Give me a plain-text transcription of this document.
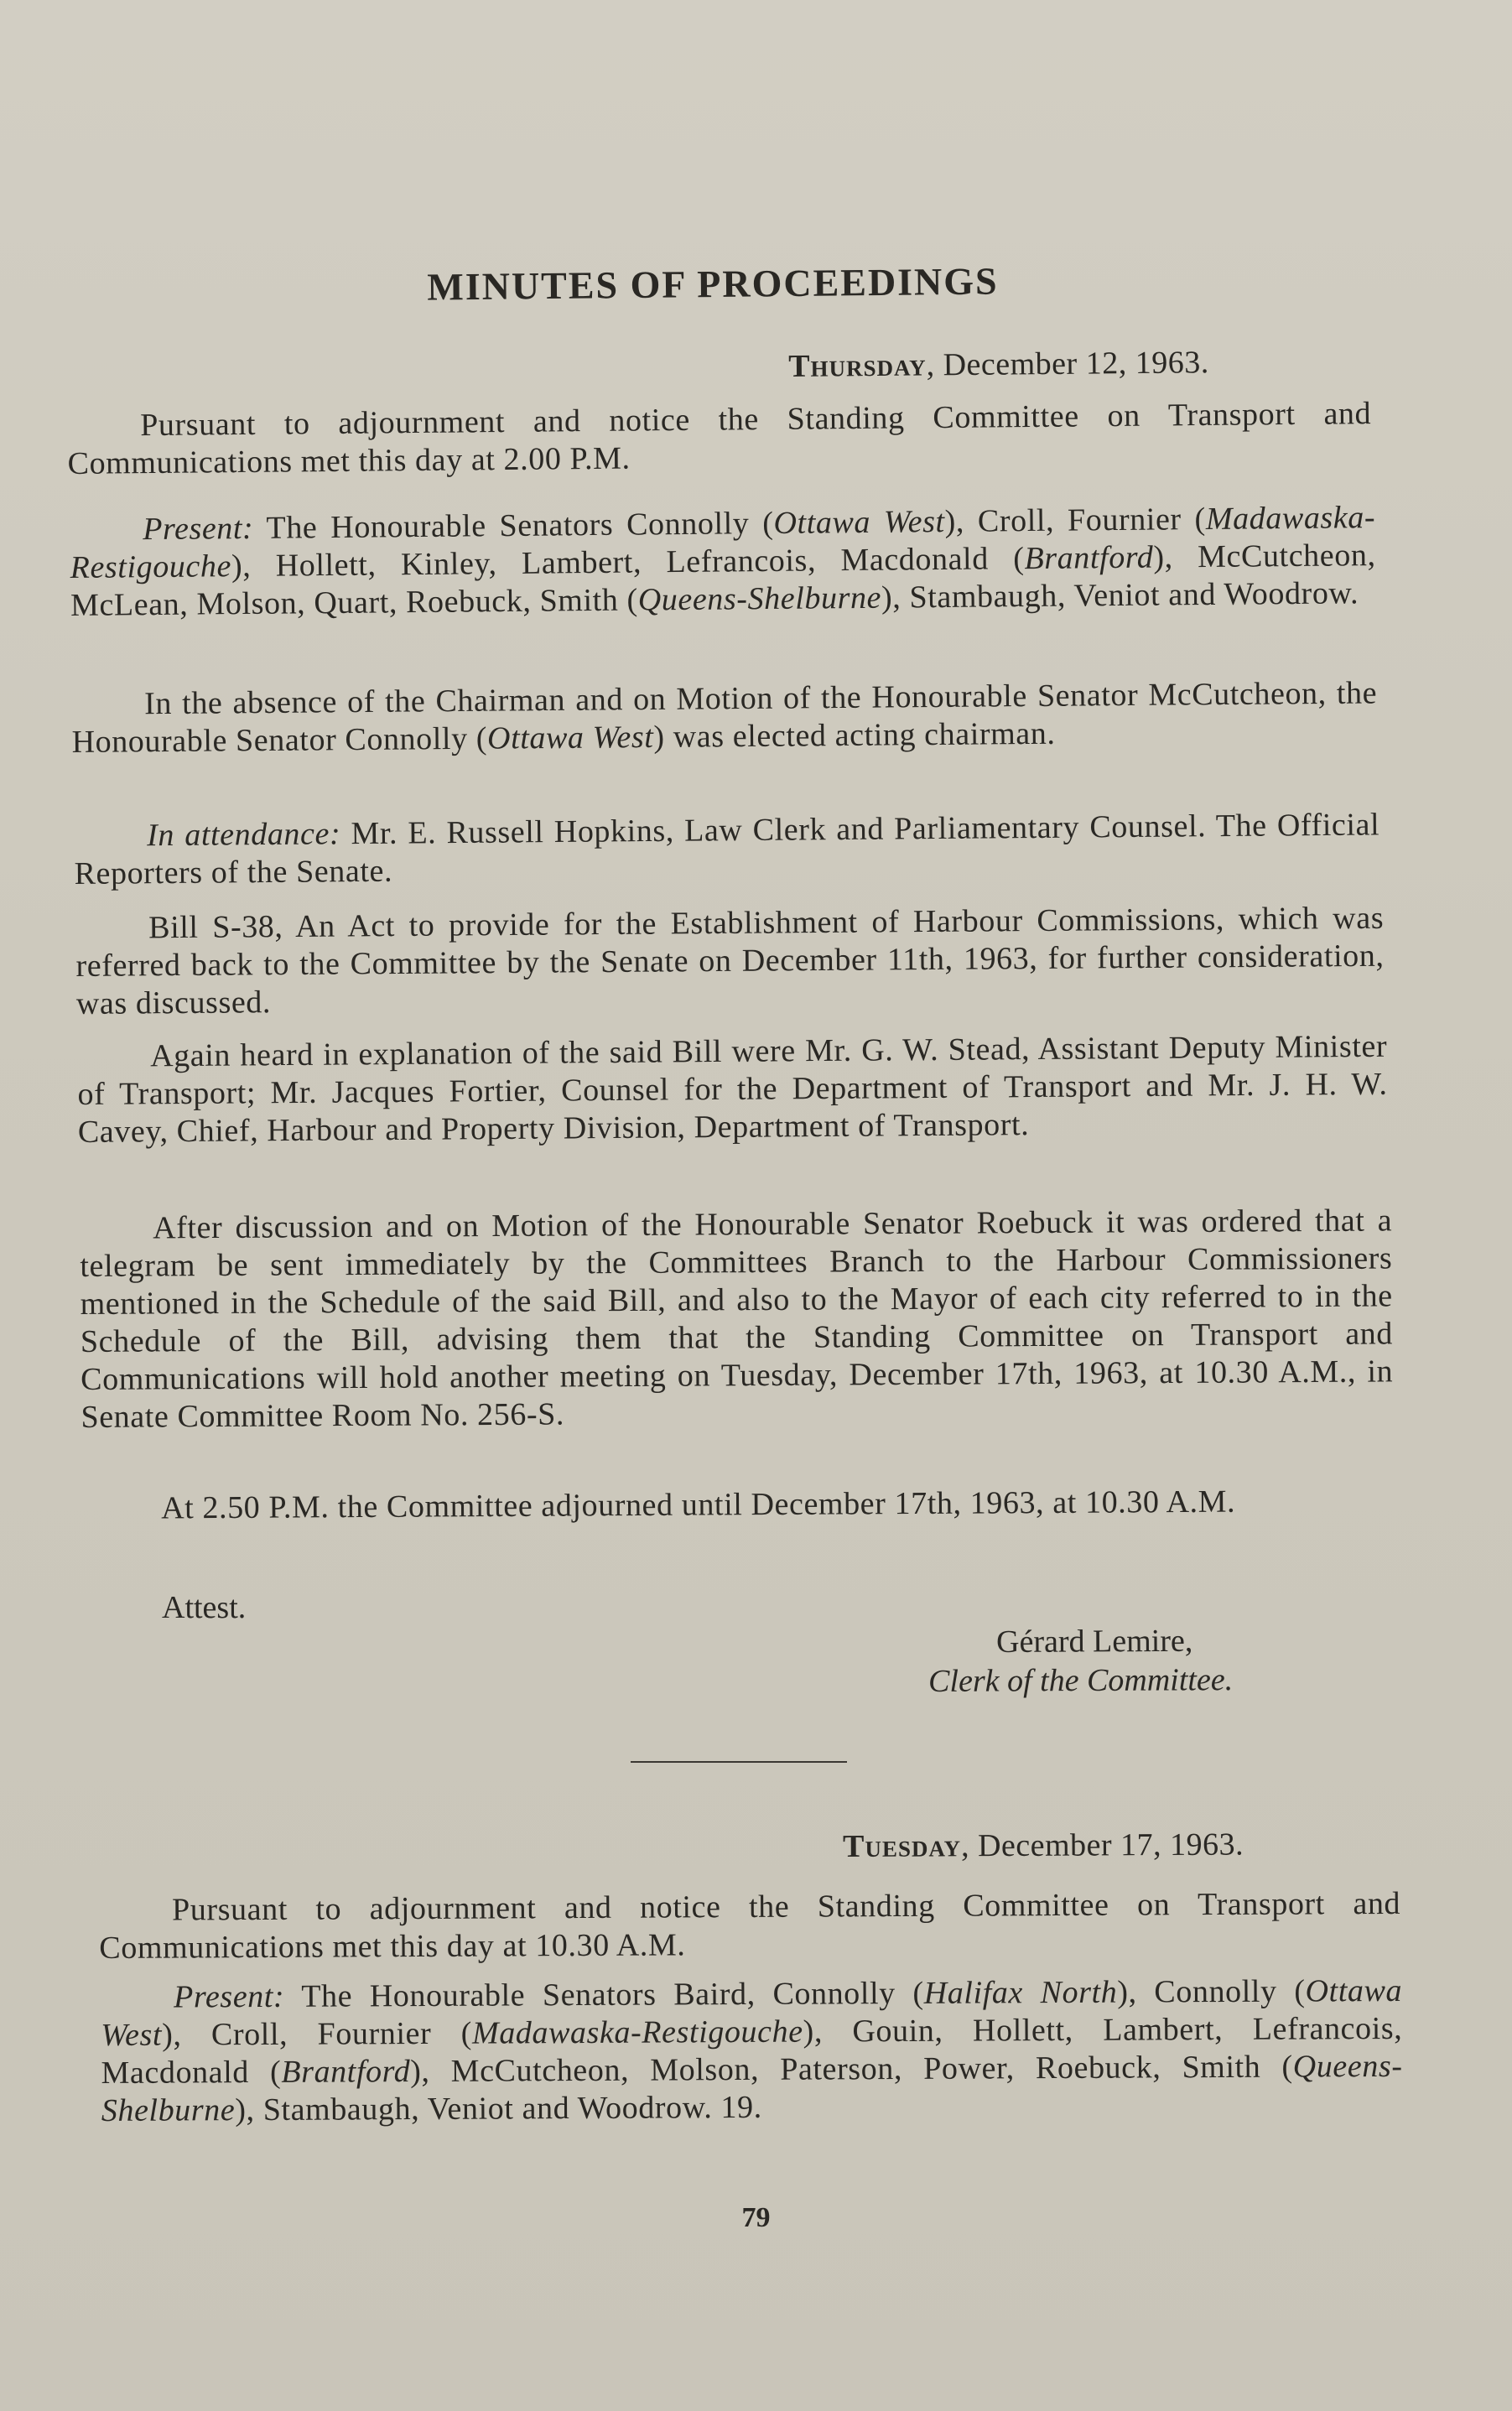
MINUTES OF PROCEEDINGS
Thursday, December 12, 1963.

Pursuant to adjournment and notice the Standing Committee on Transport and Communications met this day at 2.00 P.M.

Present: The Honourable Senators Connolly (Ottawa West), Croll, Fournier (Madawaska-Restigouche), Hollett, Kinley, Lambert, Lefrancois, Macdonald (Brantford), McCutcheon, McLean, Molson, Quart, Roebuck, Smith (Queens-Shelburne), Stambaugh, Veniot and Woodrow.

In the absence of the Chairman and on Motion of the Honourable Senator McCutcheon, the Honourable Senator Connolly (Ottawa West) was elected acting chairman.

In attendance: Mr. E. Russell Hopkins, Law Clerk and Parliamentary Counsel. The Official Reporters of the Senate.

Bill S-38, An Act to provide for the Establishment of Harbour Commissions, which was referred back to the Committee by the Senate on December 11th, 1963, for further consideration, was discussed.

Again heard in explanation of the said Bill were Mr. G. W. Stead, Assistant Deputy Minister of Transport; Mr. Jacques Fortier, Counsel for the Department of Transport and Mr. J. H. W. Cavey, Chief, Harbour and Property Division, Department of Transport.

After discussion and on Motion of the Honourable Senator Roebuck it was ordered that a telegram be sent immediately by the Committees Branch to the Harbour Commissioners mentioned in the Schedule of the said Bill, and also to the Mayor of each city referred to in the Schedule of the Bill, advising them that the Standing Committee on Transport and Communications will hold another meeting on Tuesday, December 17th, 1963, at 10.30 A.M., in Senate Committee Room No. 256-S.

At 2.50 P.M. the Committee adjourned until December 17th, 1963, at 10.30 A.M.

Attest.
Gérard Lemire,
Clerk of the Committee.
Tuesday, December 17, 1963.

Pursuant to adjournment and notice the Standing Committee on Transport and Communications met this day at 10.30 A.M.

Present: The Honourable Senators Baird, Connolly (Halifax North), Connolly (Ottawa West), Croll, Fournier (Madawaska-Restigouche), Gouin, Hollett, Lambert, Lefrancois, Macdonald (Brantford), McCutcheon, Molson, Paterson, Power, Roebuck, Smith (Queens-Shelburne), Stambaugh, Veniot and Woodrow. 19.

79
